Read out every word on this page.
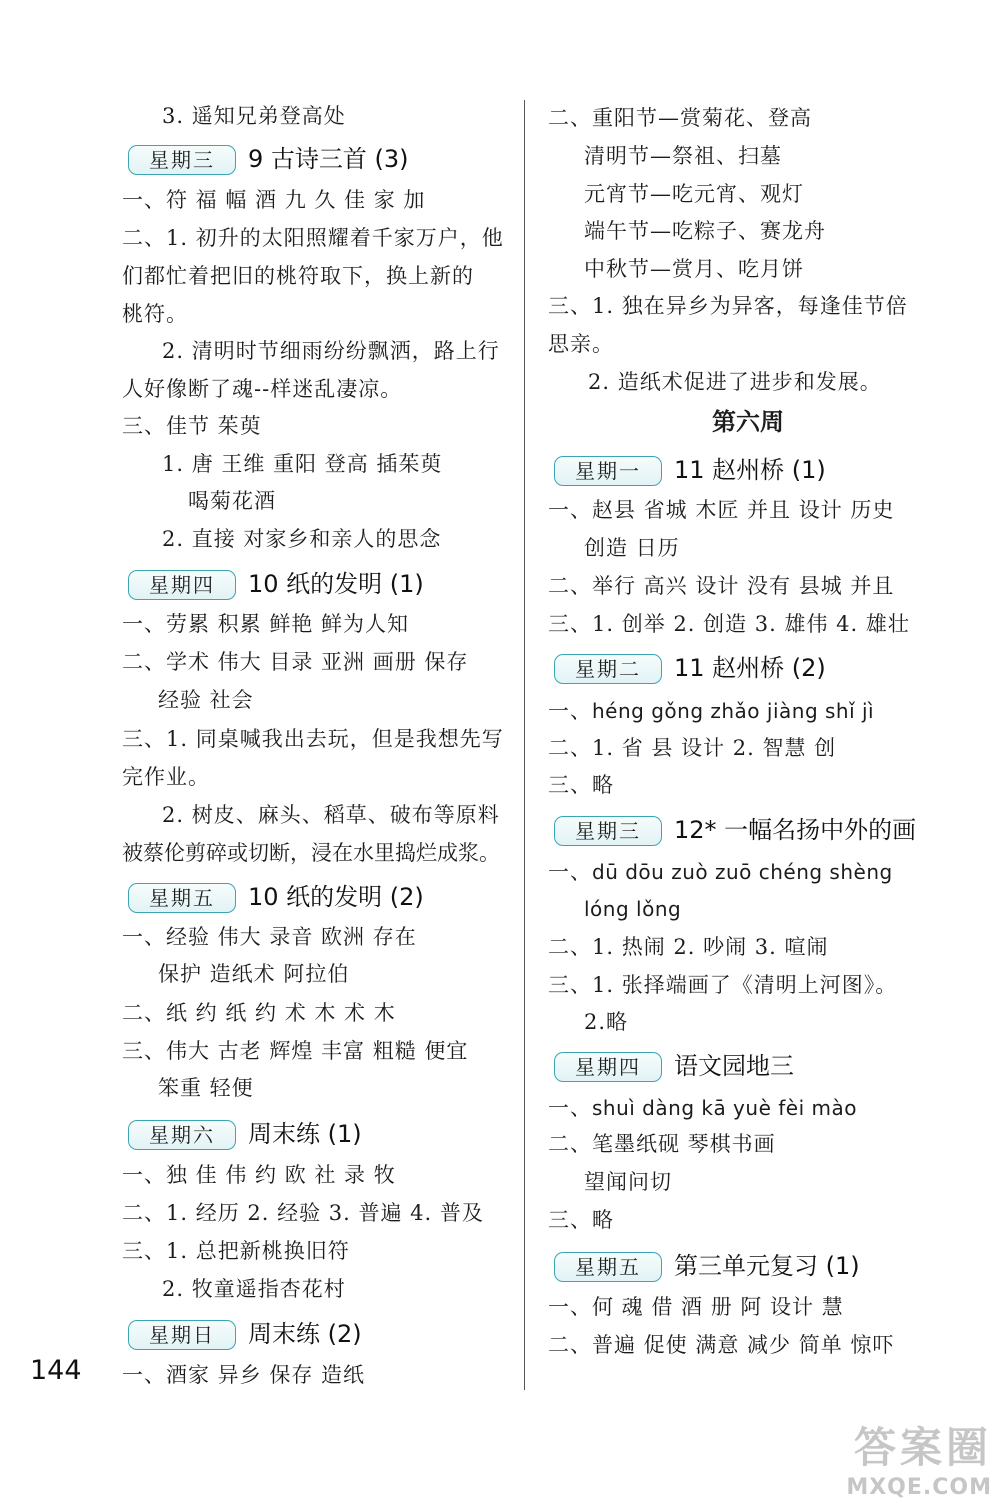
3. 遥知兄弟登高处
星期三	9 古诗三首 (3)
一、符 福 幅 酒 九 久 佳 家 加
二、1. 初升的太阳照耀着千家万户，他
们都忙着把旧的桃符取下，换上新的
桃符。
2. 清明时节细雨纷纷飘洒，路上行
人好像断了魂--样迷乱凄凉。
三、佳节 茱萸
1. 唐 王维 重阳 登高 插茱萸
喝菊花酒
2. 直接 对家乡和亲人的思念
星期四	10 纸的发明 (1)
一、劳累 积累 鲜艳 鲜为人知
二、学术 伟大 目录 亚洲 画册 保存
经验 社会
三、1. 同桌喊我出去玩，但是我想先写
完作业。
2. 树皮、麻头、稻草、破布等原料
被蔡伦剪碎或切断，浸在水里捣烂成浆。
星期五	10 纸的发明 (2)
一、经验 伟大 录音 欧洲 存在
保护 造纸术 阿拉伯
二、纸 约 纸 约 术 木 术 木
三、伟大 古老 辉煌 丰富 粗糙 便宜
笨重 轻便
星期六	周末练 (1)
一、独 佳 伟 约 欧 社 录 牧
二、1. 经历 2. 经验 3. 普遍 4. 普及
三、1. 总把新桃换旧符
2. 牧童遥指杏花村
星期日	周末练 (2)
一、酒家 异乡 保存 造纸
144
二、重阳节—赏菊花、登高
清明节—祭祖、扫墓
元宵节—吃元宵、观灯
端午节—吃粽子、赛龙舟
中秋节—赏月、吃月饼
三、1. 独在异乡为异客，每逢佳节倍
思亲。
2. 造纸术促进了进步和发展。
第六周
星期一	11 赵州桥 (1)
一、赵县 省城 木匠 并且 设计 历史
创造 日历
二、举行 高兴 设计 没有 县城 并且
三、1. 创举 2. 创造 3. 雄伟 4. 雄壮
星期二	11 赵州桥 (2)
一、héng gǒng zhǎo jiàng shǐ jì
二、1. 省 县 设计 2. 智慧 创
三、略
星期三	12* 一幅名扬中外的画
一、dū dōu zuò zuō chéng shèng
lóng lǒng
二、1. 热闹 2. 吵闹 3. 喧闹
三、1. 张择端画了《清明上河图》。
2.略
星期四	语文园地三
一、shuì dàng kā yuè fèi mào
二、笔墨纸砚 琴棋书画
望闻问切
三、略
星期五	第三单元复习 (1)
一、何 魂 借 酒 册 阿 设计 慧
二、普遍 促使 满意 减少 简单 惊吓
答案圈
MXQE.COM
